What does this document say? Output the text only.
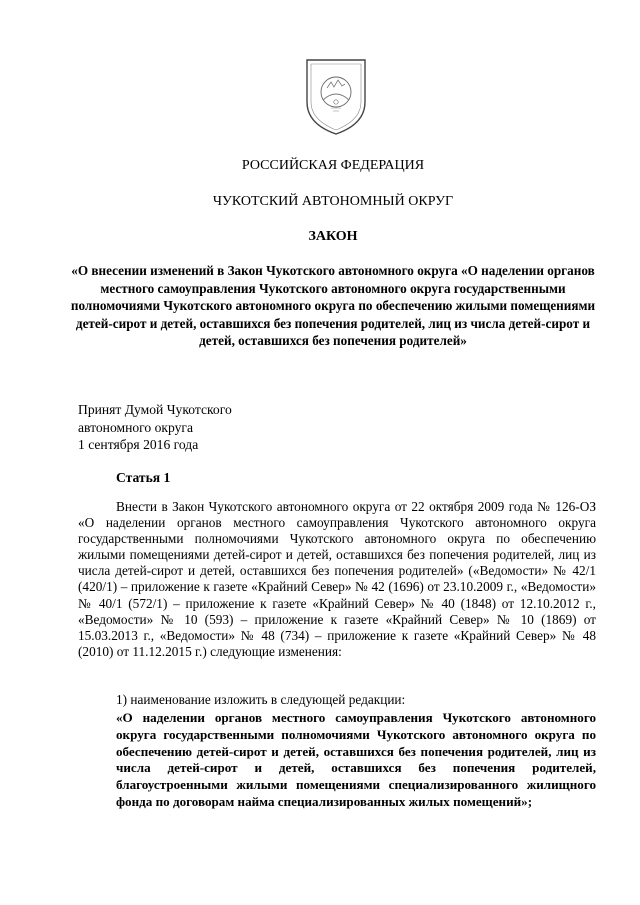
РОССИЙСКАЯ ФЕДЕРАЦИЯ
ЧУКОТСКИЙ АВТОНОМНЫЙ ОКРУГ
ЗАКОН
«О внесении изменений в Закон Чукотского автономного округа «О наделении органов местного самоуправления Чукотского автономного округа государственными полномочиями Чукотского автономного округа по обеспечению жилыми помещениями детей-сирот и детей, оставшихся без попечения родителей, лиц из числа детей-сирот и детей, оставшихся без попечения родителей»
Принят Думой Чукотского
автономного округа
1 сентября 2016 года
Статья 1

Внести в Закон Чукотского автономного округа от 22 октября 2009 года № 126-ОЗ «О наделении органов местного самоуправления Чукотского автономного округа государственными полномочиями Чукотского автономного округа по обеспечению жилыми помещениями детей-сирот и детей, оставшихся без попечения родителей, лиц из числа детей-сирот и детей, оставшихся без попечения родителей» («Ведомости» № 42/1 (420/1) – приложение к газете «Крайний Север» № 42 (1696) от 23.10.2009 г., «Ведомости» № 40/1 (572/1) – приложение к газете «Крайний Север» № 40 (1848) от 12.10.2012 г., «Ведомости» № 10 (593) – приложение к газете «Крайний Север» № 10 (1869) от 15.03.2013 г., «Ведомости» № 48 (734) – приложение к газете «Крайний Север» № 48 (2010) от 11.12.2015 г.) следующие изменения:

1) наименование изложить в следующей редакции:
«О наделении органов местного самоуправления Чукотского автономного округа государственными полномочиями Чукотского автономного округа по обеспечению детей-сирот и детей, оставшихся без попечения родителей, лиц из числа детей-сирот и детей, оставшихся без попечения родителей, благоустроенными жилыми помещениями специализированного жилищного фонда по договорам найма специализированных жилых помещений»;
